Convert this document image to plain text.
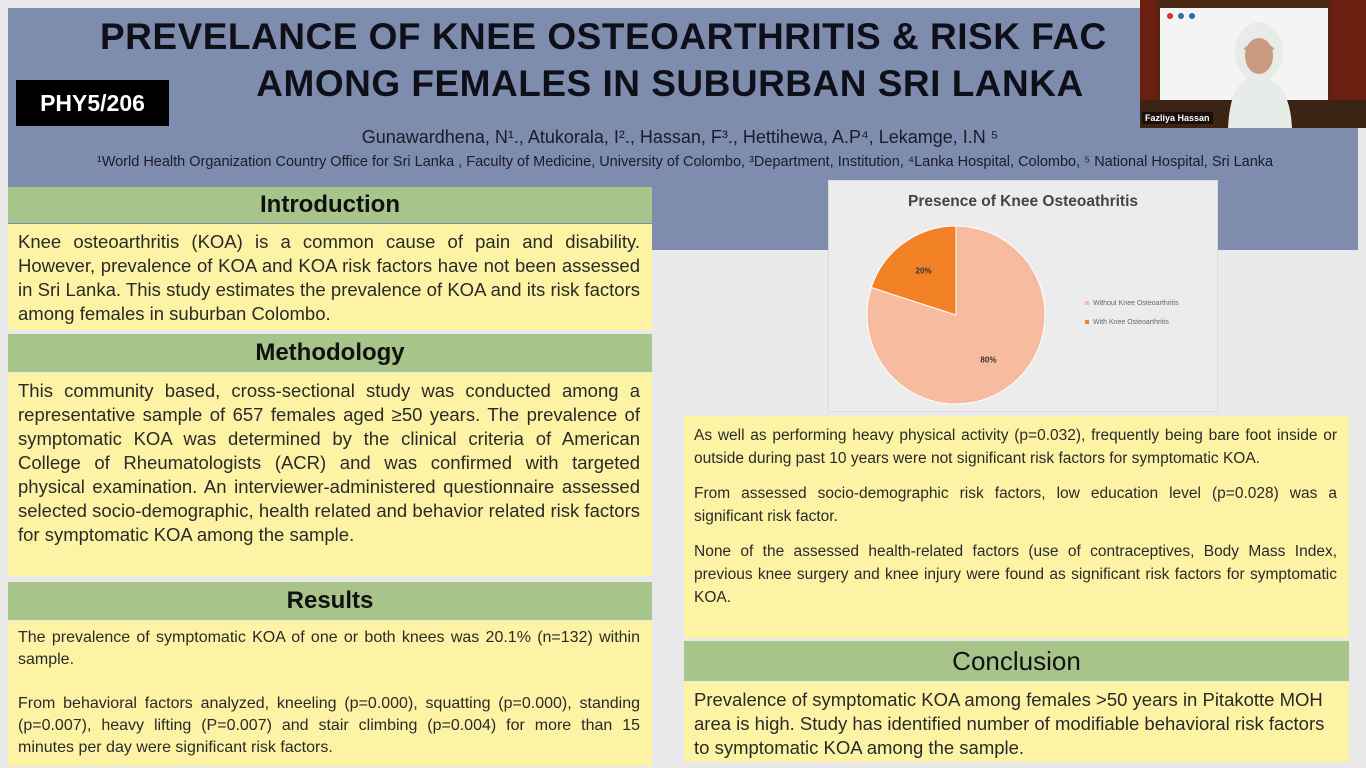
PREVELANCE OF KNEE OSTEOARTHRITIS & RISK FAC
AMONG FEMALES IN SUBURBAN SRI LANKA
PHY5/206
Gunawardhena, N¹., Atukorala, I²., Hassan, F³., Hettihewa, A.P⁴, Lekamge, I.N ⁵
¹World Health Organization Country Office for Sri Lanka , Faculty of Medicine, University of Colombo, ³Department, Institution, ⁴Lanka Hospital, Colombo, ⁵ National Hospital, Sri Lanka
Introduction

Knee osteoarthritis (KOA) is a common cause of pain and disability. However, prevalence of KOA and KOA risk factors have not been assessed in Sri Lanka. This study estimates the prevalence of KOA and its risk factors among females in suburban Colombo.

Methodology

This community based, cross-sectional study was conducted among a representative sample of 657 females aged ≥50 years. The prevalence of symptomatic KOA was determined by the clinical criteria of American College of Rheumatologists (ACR) and was confirmed with targeted physical examination. An interviewer-administered questionnaire assessed selected socio-demographic, health related and behavior related risk factors for symptomatic KOA among the sample.

Results

The prevalence of symptomatic KOA of one or both knees was 20.1% (n=132) within sample.

From behavioral factors analyzed, kneeling (p=0.000), squatting (p=0.000), standing (p=0.007), heavy lifting (P=0.007) and stair climbing (p=0.004) for more than 15 minutes per day were significant risk factors.

Presence of Knee Osteoathritis
80%
20%
Without Knee Osteoarthritis
With Knee Osteoarthritis

As well as performing heavy physical activity (p=0.032), frequently being bare foot inside or outside during past 10 years were not significant risk factors for symptomatic KOA.

From assessed socio-demographic risk factors, low education level (p=0.028) was a significant risk factor.

None of the assessed health-related factors (use of contraceptives, Body Mass Index, previous knee surgery and knee injury were found as significant risk factors for symptomatic KOA.

Conclusion

Prevalence of symptomatic KOA among females >50 years in Pitakotte MOH area is high. Study has identified number of modifiable behavioral risk factors to symptomatic KOA among the sample.

Fazliya Hassan
